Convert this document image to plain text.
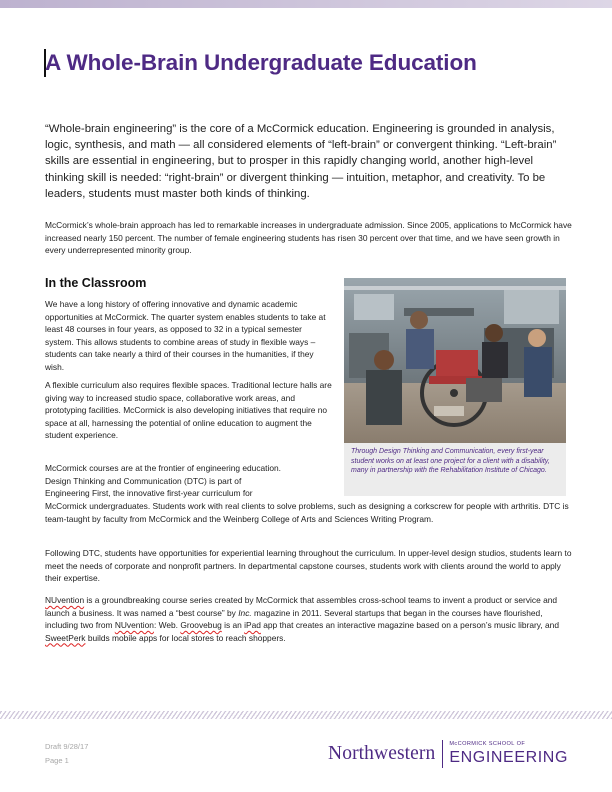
A Whole-Brain Undergraduate Education

“Whole-brain engineering” is the core of a McCormick education. Engineering is grounded in analysis, logic, synthesis, and math — all considered elements of “left-brain” or convergent thinking. “Left-brain” skills are essential in engineering, but to prosper in this rapidly changing world, another high-level thinking skill is needed: “right-brain” or divergent thinking — intuition, metaphor, and creativity. To be leaders, students must master both kinds of thinking.

McCormick’s whole-brain approach has led to remarkable increases in undergraduate admission. Since 2005, applications to McCormick have increased nearly 150 percent. The number of female engineering students has risen 30 percent over that time, and we have seen growth in every underrepresented minority group.

In the Classroom

We have a long history of offering innovative and dynamic academic opportunities at McCormick. The quarter system enables students to take at least 48 courses in four years, as opposed to 32 in a typical semester system. This allows students to combine areas of study in flexible ways – students can take nearly a third of their courses in the humanities, if they wish.

A flexible curriculum also requires flexible spaces. Traditional lecture halls are giving way to increased studio space, collaborative work areas, and prototyping facilities. McCormick is also developing initiatives that require no space at all, harnessing the potential of online education to augment the student experience.

McCormick courses are at the frontier of engineering education.
Design Thinking and Communication (DTC) is part of
Engineering First, the innovative first-year curriculum for

McCormick undergraduates. Students work with real clients to solve problems, such as designing a corkscrew for people with arthritis. DTC is team-taught by faculty from McCormick and the Weinberg College of Arts and Sciences Writing Program.

Following DTC, students have opportunities for experiential learning throughout the curriculum. In upper-level design studios, students learn to meet the needs of corporate and nonprofit partners. In departmental capstone courses, students work with clients around the world to apply their expertise.

NUvention is a groundbreaking course series created by McCormick that assembles cross-school teams to invent a product or service and launch a business. It was named a “best course” by Inc. magazine in 2011. Several startups that began in the courses have flourished, including two from NUvention: Web. Groovebug is an iPad app that creates an interactive magazine based on a person’s music library, and SweetPerk builds mobile apps for local stores to reach shoppers.

Through Design Thinking and Communication, every first-year student works on at least one project for a client with a disability, many in partnership with the Rehabilitation Institute of Chicago.

Draft 9/28/17

Page 1	Northwestern	McCORMICK SCHOOL OF
ENGINEERING
